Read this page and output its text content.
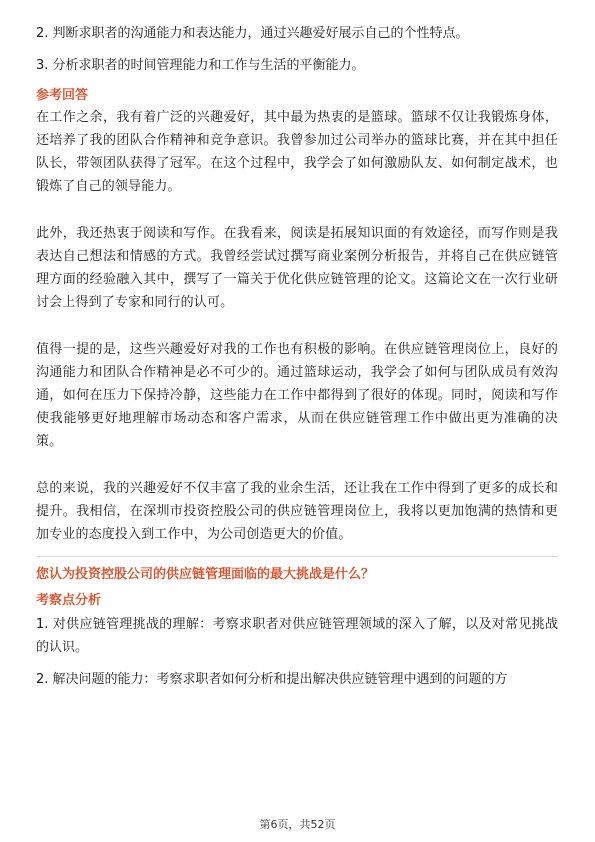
2. 判断求职者的沟通能力和表达能力，通过兴趣爱好展示自己的个性特点。

3. 分析求职者的时间管理能力和工作与生活的平衡能力。

参考回答

在工作之余，我有着广泛的兴趣爱好，其中最为热衷的是篮球。篮球不仅让我锻炼身体，还培养了我的团队合作精神和竞争意识。我曾参加过公司举办的篮球比赛，并在其中担任队长，带领团队获得了冠军。在这个过程中，我学会了如何激励队友、如何制定战术，也锻炼了自己的领导能力。

此外，我还热衷于阅读和写作。在我看来，阅读是拓展知识面的有效途径，而写作则是我表达自己想法和情感的方式。我曾经尝试过撰写商业案例分析报告，并将自己在供应链管理方面的经验融入其中，撰写了一篇关于优化供应链管理的论文。这篇论文在一次行业研讨会上得到了专家和同行的认可。

值得一提的是，这些兴趣爱好对我的工作也有积极的影响。在供应链管理岗位上，良好的沟通能力和团队合作精神是必不可少的。通过篮球运动，我学会了如何与团队成员有效沟通，如何在压力下保持冷静，这些能力在工作中都得到了很好的体现。同时，阅读和写作使我能够更好地理解市场动态和客户需求，从而在供应链管理工作中做出更为准确的决策。

总的来说，我的兴趣爱好不仅丰富了我的业余生活，还让我在工作中得到了更多的成长和提升。我相信，在深圳市投资控股公司的供应链管理岗位上，我将以更加饱满的热情和更加专业的态度投入到工作中，为公司创造更大的价值。

您认为投资控股公司的供应链管理面临的最大挑战是什么？

考察点分析

1. 对供应链管理挑战的理解：考察求职者对供应链管理领域的深入了解，以及对常见挑战的认识。

2. 解决问题的能力：考察求职者如何分析和提出解决供应链管理中遇到的问题的方

第6页，共52页
